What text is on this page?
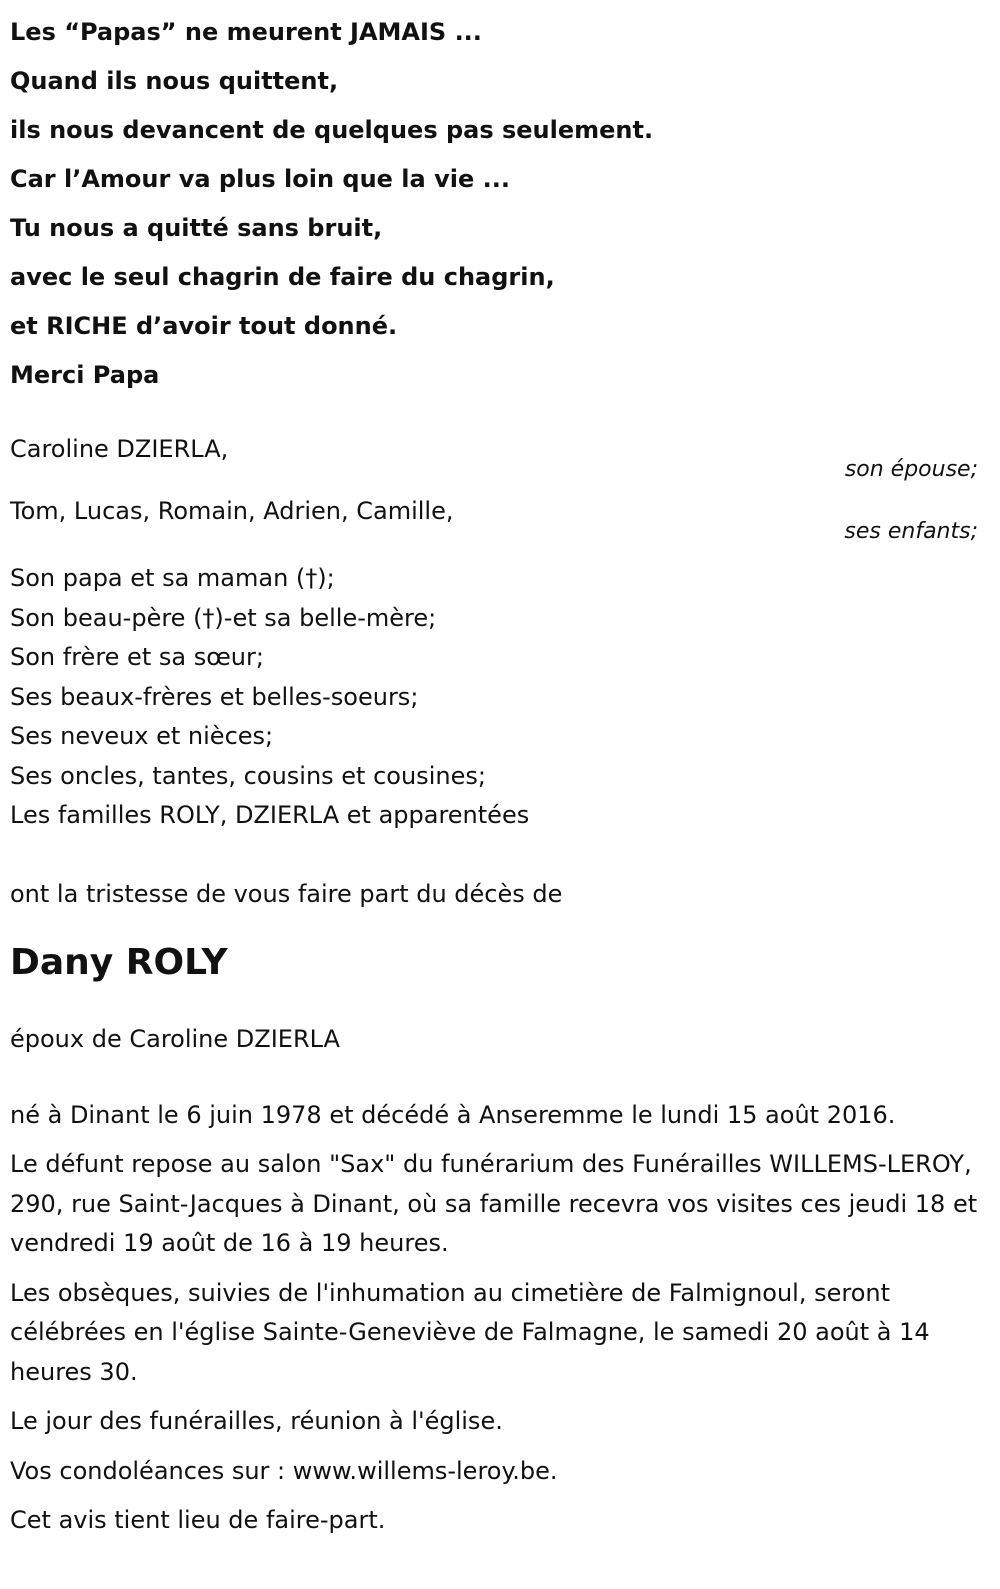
Les “Papas” ne meurent JAMAIS ...
Quand ils nous quittent,
ils nous devancent de quelques pas seulement.
Car l’Amour va plus loin que la vie ...
Tu nous a quitté sans bruit,
avec le seul chagrin de faire du chagrin,
et RICHE d’avoir tout donné.
Merci Papa
Caroline DZIERLA,
son épouse;
Tom, Lucas, Romain, Adrien, Camille,
ses enfants;
Son papa et sa maman (†);
Son beau-père (†)-et sa belle-mère;
Son frère et sa sœur;
Ses beaux-frères et belles-soeurs;
Ses neveux et nièces;
Ses oncles, tantes, cousins et cousines;
Les familles ROLY, DZIERLA et apparentées
ont la tristesse de vous faire part du décès de
Dany ROLY
époux de Caroline DZIERLA
né à Dinant le 6 juin 1978 et décédé à Anseremme le lundi 15 août 2016.
Le défunt repose au salon "Sax" du funérarium des Funérailles WILLEMS-LEROY, 290, rue Saint-Jacques à Dinant, où sa famille recevra vos visites ces jeudi 18 et vendredi 19 août de 16 à 19 heures.
Les obsèques, suivies de l'inhumation au cimetière de Falmignoul, seront célébrées en l'église Sainte-Geneviève de Falmagne, le samedi 20 août à 14 heures 30.
Le jour des funérailles, réunion à l'église.
Vos condoléances sur : www.willems-leroy.be.
Cet avis tient lieu de faire-part.
